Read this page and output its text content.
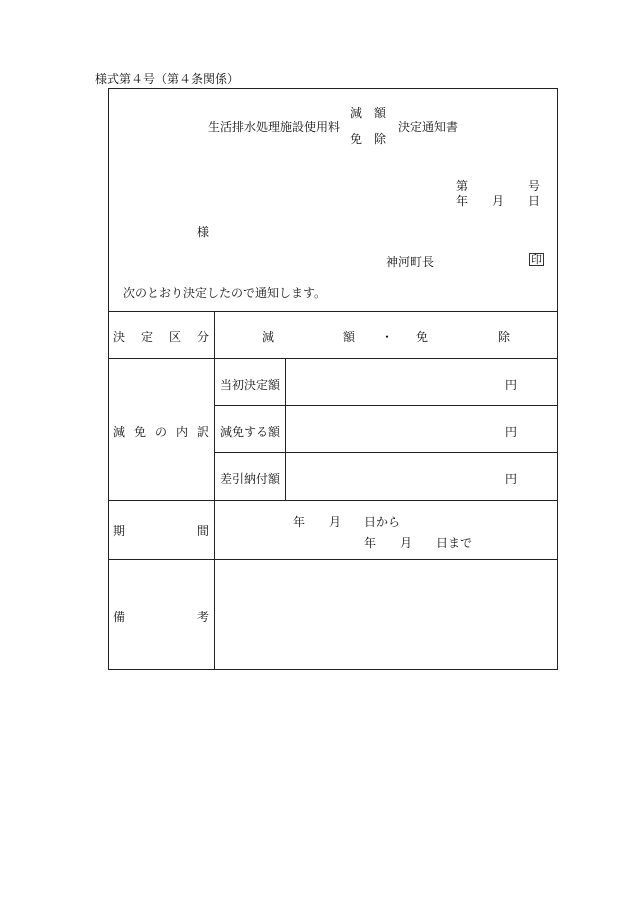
様式第４号（第４条関係）
生活排水処理施設使用料
減　額
免　除
決定通知書
第	号
年 月 日
様
神河町長	印
次のとおり決定したので通知します。
決 定 区 分	減	額 ・ 免	除
減 免 の 内 訳
当初決定額	円
減免する額	円
差引納付額	円
期	間
年 月 日から
年 月 日まで
備	考
